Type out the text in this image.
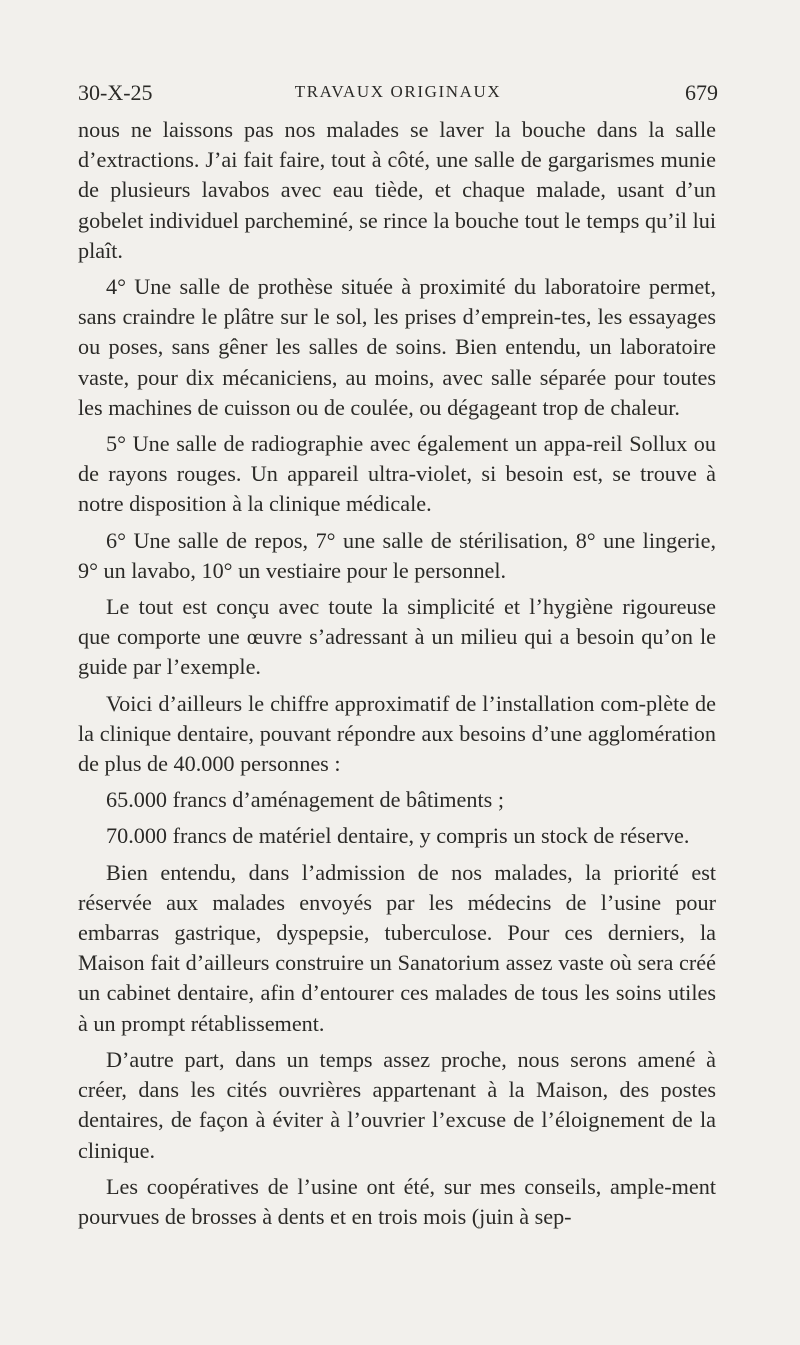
30-X-25	TRAVAUX ORIGINAUX	679

nous ne laissons pas nos malades se laver la bouche dans la salle d’extractions. J’ai fait faire, tout à côté, une salle de gargarismes munie de plusieurs lavabos avec eau tiède, et chaque malade, usant d’un gobelet individuel parcheminé, se rince la bouche tout le temps qu’il lui plaît.

4° Une salle de prothèse située à proximité du laboratoire permet, sans craindre le plâtre sur le sol, les prises d’emprein-tes, les essayages ou poses, sans gêner les salles de soins. Bien entendu, un laboratoire vaste, pour dix mécaniciens, au moins, avec salle séparée pour toutes les machines de cuisson ou de coulée, ou dégageant trop de chaleur.

5° Une salle de radiographie avec également un appa-reil Sollux ou de rayons rouges. Un appareil ultra-violet, si besoin est, se trouve à notre disposition à la clinique médicale.

6° Une salle de repos, 7° une salle de stérilisation, 8° une lingerie, 9° un lavabo, 10° un vestiaire pour le personnel.

Le tout est conçu avec toute la simplicité et l’hygiène rigoureuse que comporte une œuvre s’adressant à un milieu qui a besoin qu’on le guide par l’exemple.

Voici d’ailleurs le chiffre approximatif de l’installation com-plète de la clinique dentaire, pouvant répondre aux besoins d’une agglomération de plus de 40.000 personnes :

65.000 francs d’aménagement de bâtiments ;

70.000 francs de matériel dentaire, y compris un stock de réserve.

Bien entendu, dans l’admission de nos malades, la priorité est réservée aux malades envoyés par les médecins de l’usine pour embarras gastrique, dyspepsie, tuberculose. Pour ces derniers, la Maison fait d’ailleurs construire un Sanatorium assez vaste où sera créé un cabinet dentaire, afin d’entourer ces malades de tous les soins utiles à un prompt rétablissement.

D’autre part, dans un temps assez proche, nous serons amené à créer, dans les cités ouvrières appartenant à la Maison, des postes dentaires, de façon à éviter à l’ouvrier l’excuse de l’éloignement de la clinique.

Les coopératives de l’usine ont été, sur mes conseils, ample-ment pourvues de brosses à dents et en trois mois (juin à sep-
